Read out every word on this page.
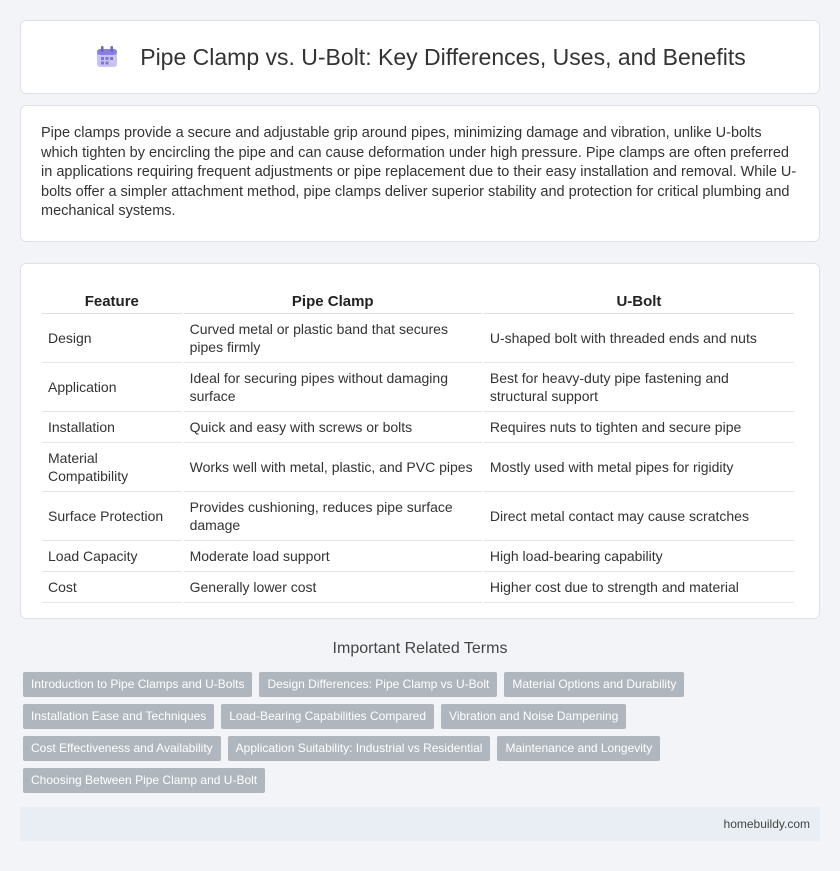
Pipe Clamp vs. U-Bolt: Key Differences, Uses, and Benefits

Pipe clamps provide a secure and adjustable grip around pipes, minimizing damage and vibration, unlike U-bolts which tighten by encircling the pipe and can cause deformation under high pressure. Pipe clamps are often preferred in applications requiring frequent adjustments or pipe replacement due to their easy installation and removal. While U-bolts offer a simpler attachment method, pipe clamps deliver superior stability and protection for critical plumbing and mechanical systems.

Feature	Pipe Clamp	U-Bolt
Design	Curved metal or plastic band that secures pipes firmly	U-shaped bolt with threaded ends and nuts
Application	Ideal for securing pipes without damaging surface	Best for heavy-duty pipe fastening and structural support
Installation	Quick and easy with screws or bolts	Requires nuts to tighten and secure pipe
Material Compatibility	Works well with metal, plastic, and PVC pipes	Mostly used with metal pipes for rigidity
Surface Protection	Provides cushioning, reduces pipe surface damage	Direct metal contact may cause scratches
Load Capacity	Moderate load support	High load-bearing capability
Cost	Generally lower cost	Higher cost due to strength and material
Important Related Terms
Introduction to Pipe Clamps and U-Bolts	Design Differences: Pipe Clamp vs U-Bolt	Material Options and Durability
Installation Ease and Techniques	Load-Bearing Capabilities Compared	Vibration and Noise Dampening
Cost Effectiveness and Availability	Application Suitability: Industrial vs Residential	Maintenance and Longevity
Choosing Between Pipe Clamp and U-Bolt
homebuildy.com
